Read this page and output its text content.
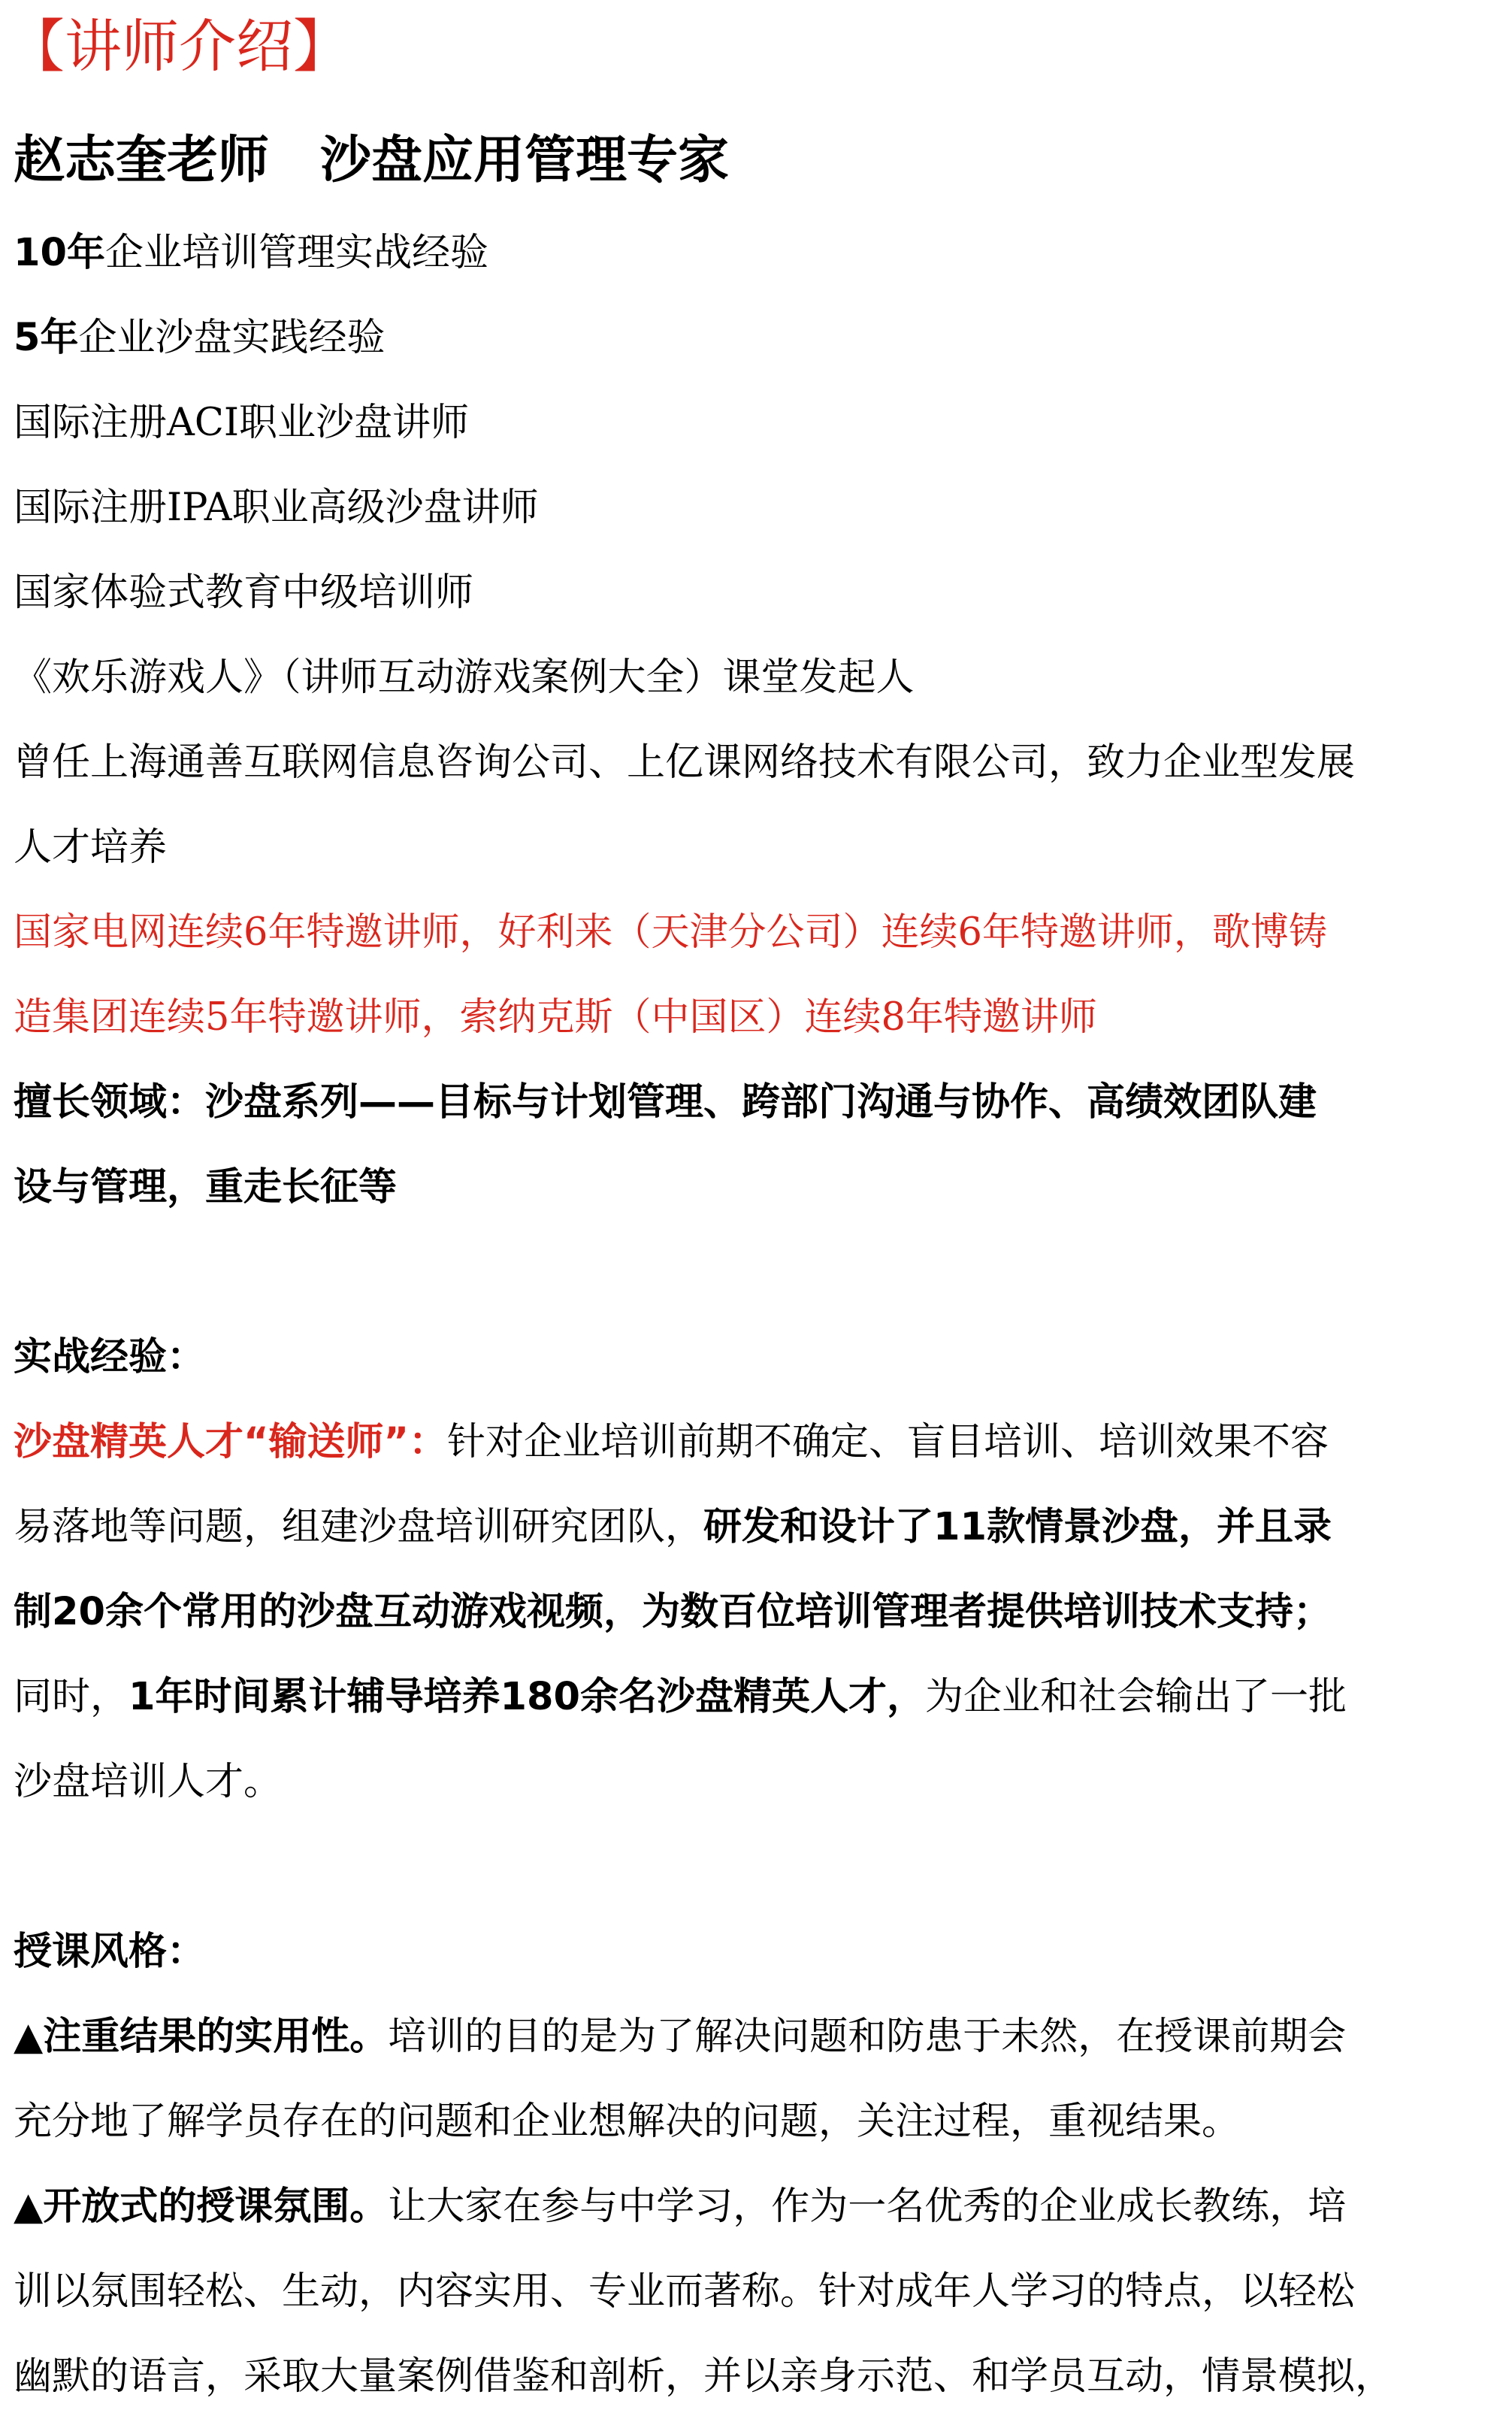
【讲师介绍】
赵志奎老师　沙盘应用管理专家

10年企业培训管理实战经验

5年企业沙盘实践经验

国际注册ACI职业沙盘讲师

国际注册IPA职业高级沙盘讲师

国家体验式教育中级培训师

《欢乐游戏人》（讲师互动游戏案例大全）课堂发起人

曾任上海通善互联网信息咨询公司、上亿课网络技术有限公司，致力企业型发展

人才培养

国家电网连续6年特邀讲师，好利来（天津分公司）连续6年特邀讲师，歌博铸

造集团连续5年特邀讲师，索纳克斯（中国区）连续8年特邀讲师

擅长领域：沙盘系列——目标与计划管理、跨部门沟通与协作、高绩效团队建

设与管理，重走长征等

实战经验：

沙盘精英人才“输送师”：针对企业培训前期不确定、盲目培训、培训效果不容

易落地等问题，组建沙盘培训研究团队，研发和设计了11款情景沙盘，并且录

制20余个常用的沙盘互动游戏视频，为数百位培训管理者提供培训技术支持；

同时，1年时间累计辅导培养180余名沙盘精英人才，为企业和社会输出了一批

沙盘培训人才。

授课风格：

▲注重结果的实用性。培训的目的是为了解决问题和防患于未然，在授课前期会

充分地了解学员存在的问题和企业想解决的问题，关注过程，重视结果。

▲开放式的授课氛围。让大家在参与中学习，作为一名优秀的企业成长教练，培

训以氛围轻松、生动，内容实用、专业而著称。针对成年人学习的特点，以轻松

幽默的语言，采取大量案例借鉴和剖析，并以亲身示范、和学员互动，情景模拟，
